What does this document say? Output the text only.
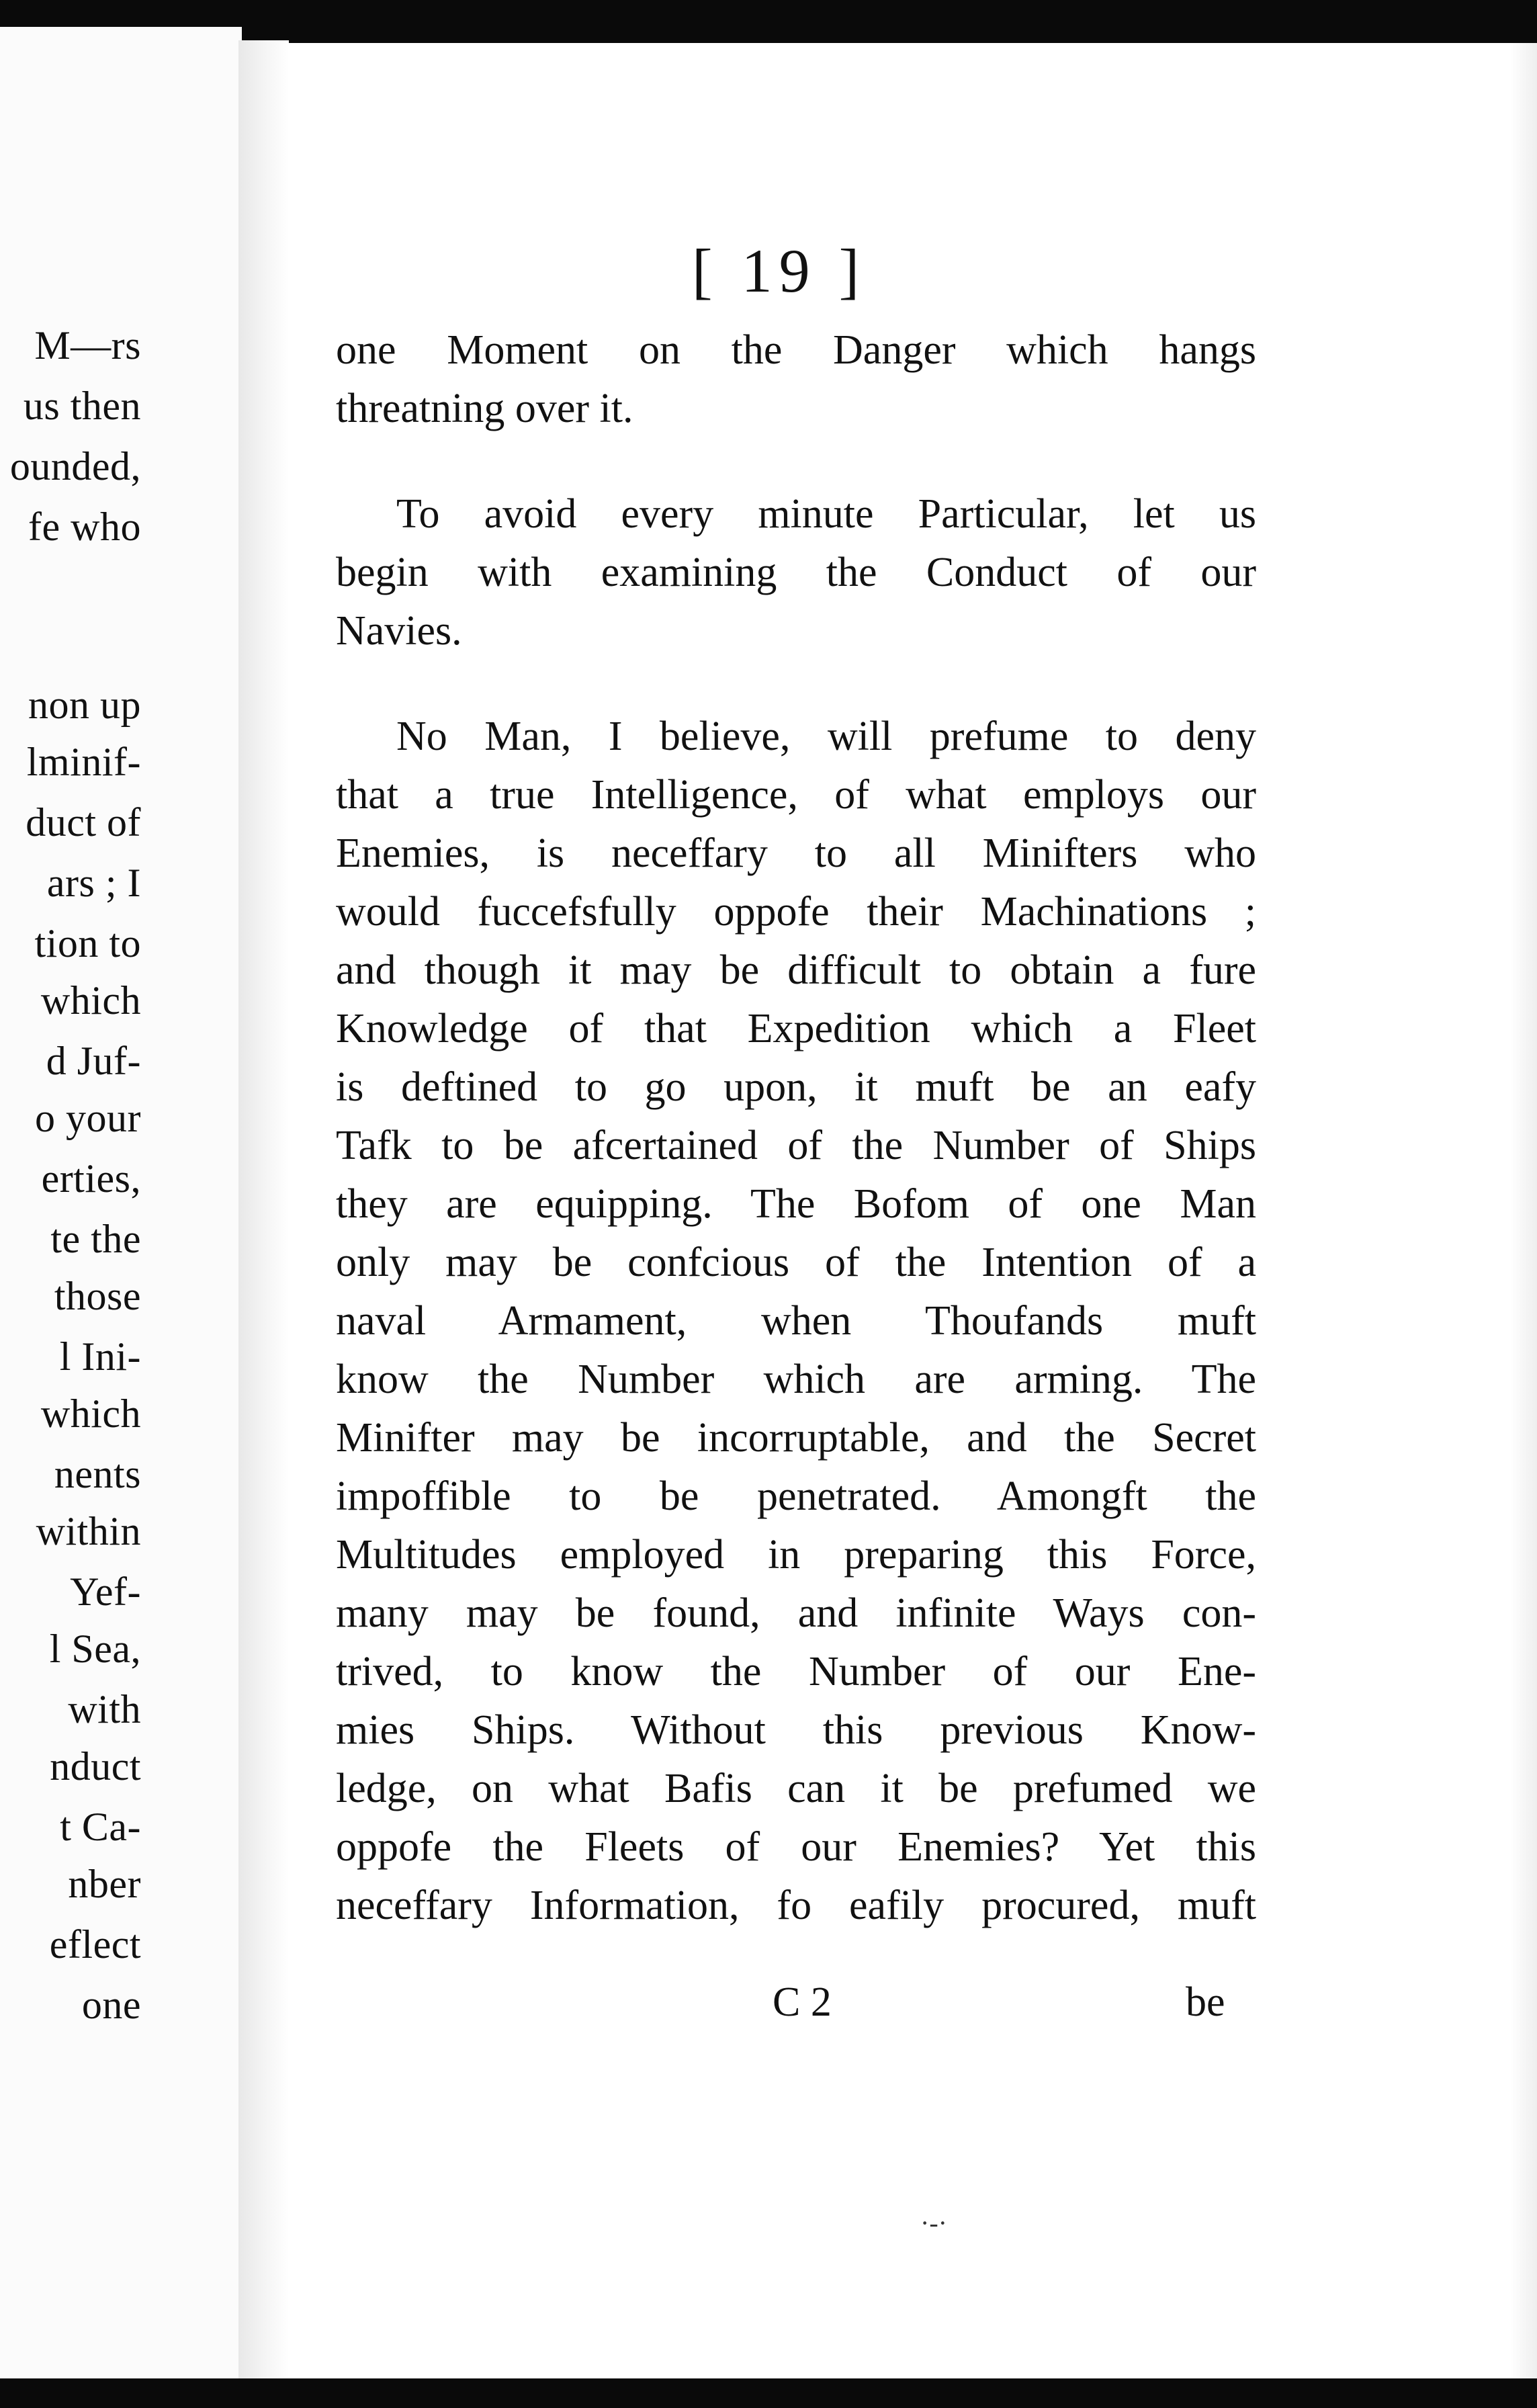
M—rs
us then
ounded,
fe who
non up
lminif-
duct of
ars ; I
tion to
which
d Juf-
o your
erties,
te the
those
l Ini-
which
nents
within
Yef-
l Sea,
with
nduct
t Ca-
nber
eflect
one
[ 19 ]
one Moment on the Danger which hangs
threatning over it.
To avoid every minute Particular, let us
begin with examining the Conduct of our
Navies.
No Man, I believe, will prefume to deny
that a true Intelligence, of what employs our
Enemies, is neceffary to all Minifters who
would fuccefsfully oppofe their Machinations ;
and though it may be difficult to obtain a fure
Knowledge of that Expedition which a Fleet
is deftined to go upon, it muft be an eafy
Tafk to be afcertained of the Number of Ships
they are equipping. The Bofom of one Man
only may be confcious of the Intention of a
naval Armament, when Thoufands muft
know the Number which are arming. The
Minifter may be incorruptable, and the Secret
impoffible to be penetrated. Amongft the
Multitudes employed in preparing this Force,
many may be found, and infinite Ways con-
trived, to know the Number of our Ene-
mies Ships. Without this previous Know-
ledge, on what Bafis can it be prefumed we
oppofe the Fleets of our Enemies? Yet this
neceffary Information, fo eafily procured, muft
C 2	be
·-·
